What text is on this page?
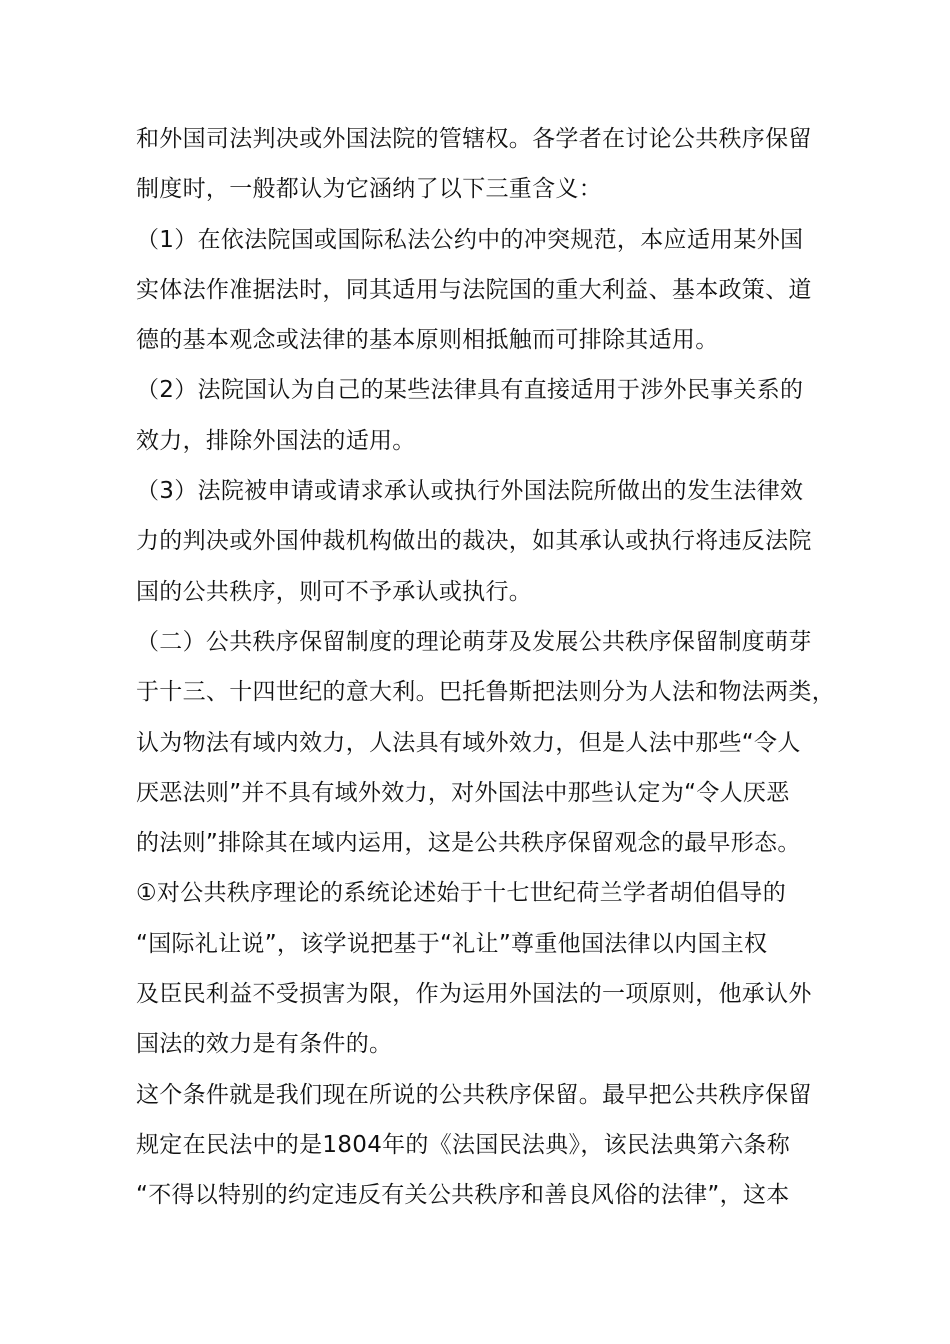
和外国司法判决或外国法院的管辖权。各学者在讨论公共秩序保留
制度时，一般都认为它涵纳了以下三重含义：
（1）在依法院国或国际私法公约中的冲突规范，本应适用某外国
实体法作准据法时，同其适用与法院国的重大利益、基本政策、道
德的基本观念或法律的基本原则相抵触而可排除其适用。
（2）法院国认为自己的某些法律具有直接适用于涉外民事关系的
效力，排除外国法的适用。
（3）法院被申请或请求承认或执行外国法院所做出的发生法律效
力的判决或外国仲裁机构做出的裁决，如其承认或执行将违反法院
国的公共秩序，则可不予承认或执行。
（二）公共秩序保留制度的理论萌芽及发展公共秩序保留制度萌芽
于十三、十四世纪的意大利。巴托鲁斯把法则分为人法和物法两类，
认为物法有域内效力，人法具有域外效力，但是人法中那些“令人
厌恶法则”并不具有域外效力，对外国法中那些认定为“令人厌恶
的法则”排除其在域内运用，这是公共秩序保留观念的最早形态。
①对公共秩序理论的系统论述始于十七世纪荷兰学者胡伯倡导的
“国际礼让说”，该学说把基于“礼让”尊重他国法律以内国主权
及臣民利益不受损害为限，作为运用外国法的一项原则，他承认外
国法的效力是有条件的。
这个条件就是我们现在所说的公共秩序保留。最早把公共秩序保留
规定在民法中的是1804年的《法国民法典》，该民法典第六条称
“不得以特别的约定违反有关公共秩序和善良风俗的法律”，这本
